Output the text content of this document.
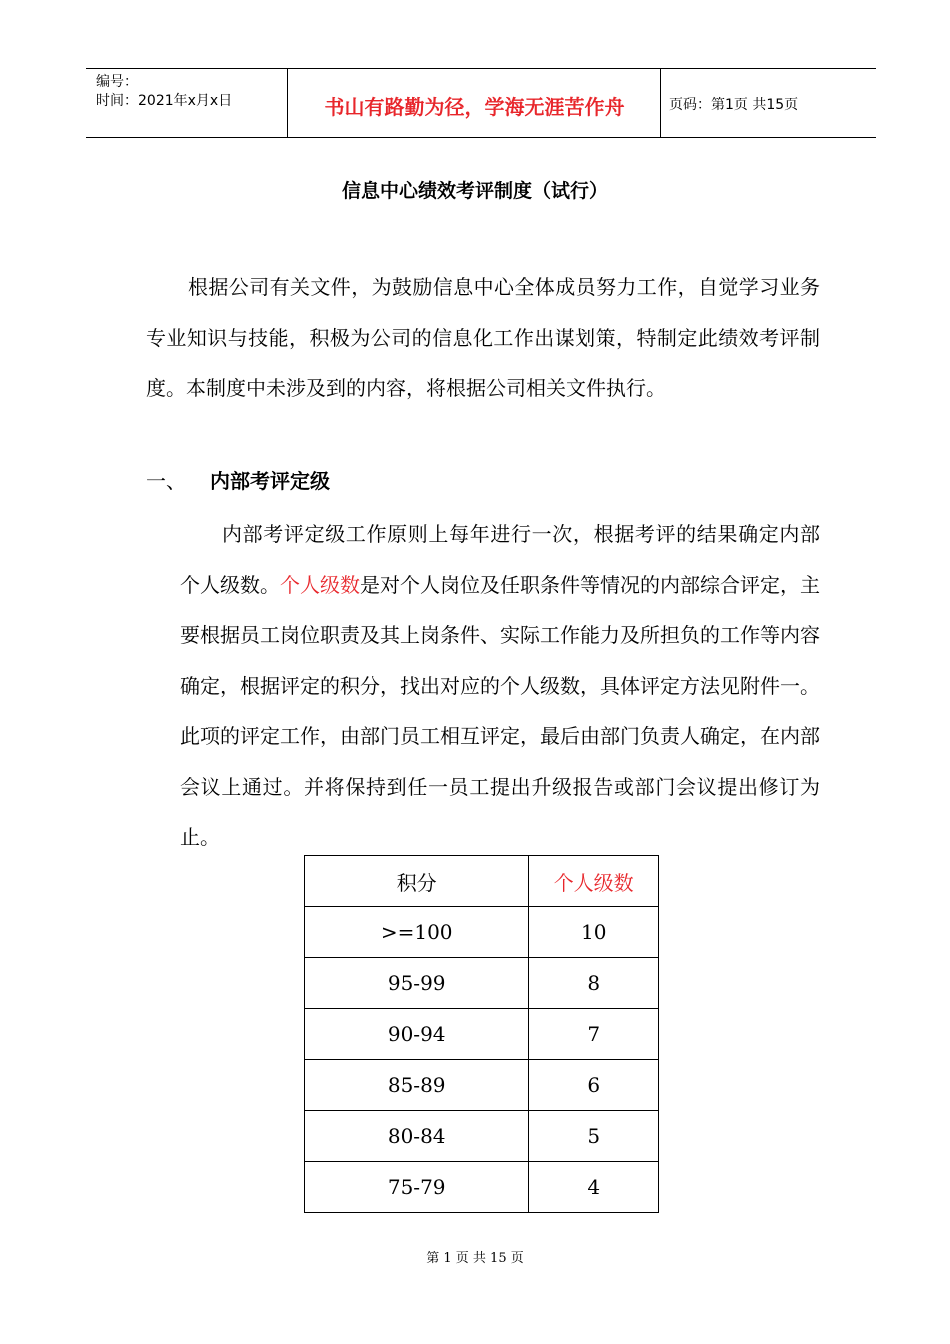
编号：
时间：2021年x月x日	书山有路勤为径，学海无涯苦作舟	页码：第1页 共15页
信息中心绩效考评制度（试行）
根据公司有关文件，为鼓励信息中心全体成员努力工作，自觉学习业务专业知识与技能，积极为公司的信息化工作出谋划策，特制定此绩效考评制度。本制度中未涉及到的内容，将根据公司相关文件执行。
一、 内部考评定级
内部考评定级工作原则上每年进行一次，根据考评的结果确定内部个人级数。个人级数是对个人岗位及任职条件等情况的内部综合评定，主要根据员工岗位职责及其上岗条件、实际工作能力及所担负的工作等内容确定，根据评定的积分，找出对应的个人级数，具体评定方法见附件一。此项的评定工作，由部门员工相互评定，最后由部门负责人确定，在内部会议上通过。并将保持到任一员工提出升级报告或部门会议提出修订为止。
积分	个人级数
>=100	10
95-99	8
90-94	7
85-89	6
80-84	5
75-79	4
第 1 页 共 15 页
